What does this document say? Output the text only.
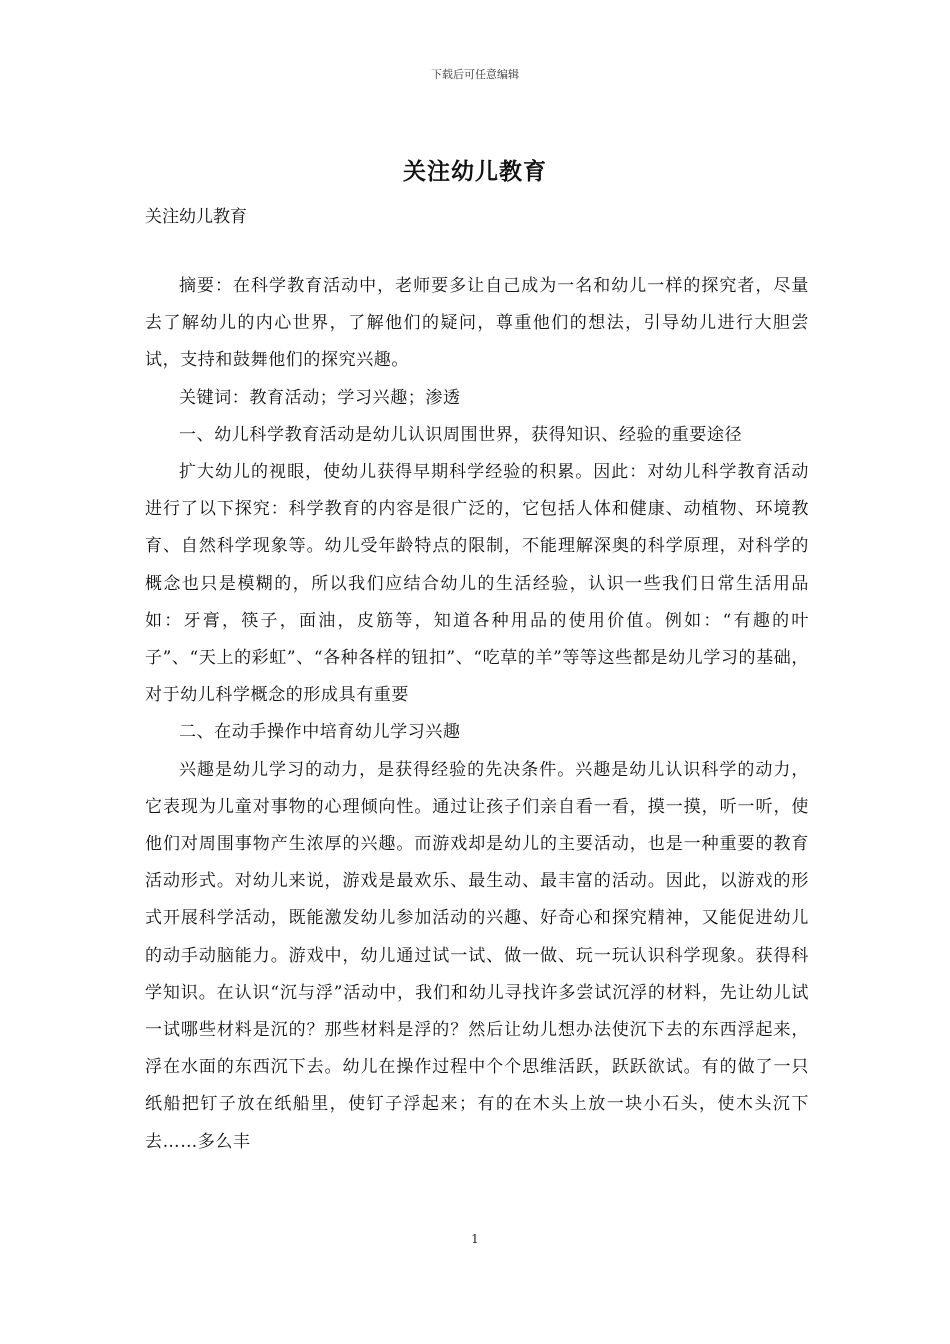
下载后可任意编辑
关注幼儿教育
关注幼儿教育

摘要：在科学教育活动中，老师要多让自己成为一名和幼儿一样的探究者，尽量去了解幼儿的内心世界，了解他们的疑问，尊重他们的想法，引导幼儿进行大胆尝试，支持和鼓舞他们的探究兴趣。

关键词：教育活动；学习兴趣；渗透

一、幼儿科学教育活动是幼儿认识周围世界，获得知识、经验的重要途径

扩大幼儿的视眼，使幼儿获得早期科学经验的积累。因此：对幼儿科学教育活动进行了以下探究：科学教育的内容是很广泛的，它包括人体和健康、动植物、环境教育、自然科学现象等。幼儿受年龄特点的限制，不能理解深奥的科学原理，对科学的概念也只是模糊的，所以我们应结合幼儿的生活经验，认识一些我们日常生活用品如：牙膏，筷子，面油，皮筋等，知道各种用品的使用价值。例如：“有趣的叶子”、“天上的彩虹”、“各种各样的钮扣”、“吃草的羊”等等这些都是幼儿学习的基础，对于幼儿科学概念的形成具有重要

二、在动手操作中培育幼儿学习兴趣

兴趣是幼儿学习的动力，是获得经验的先决条件。兴趣是幼儿认识科学的动力，它表现为儿童对事物的心理倾向性。通过让孩子们亲自看一看，摸一摸，听一听，使他们对周围事物产生浓厚的兴趣。而游戏却是幼儿的主要活动，也是一种重要的教育活动形式。对幼儿来说，游戏是最欢乐、最生动、最丰富的活动。因此，以游戏的形式开展科学活动，既能激发幼儿参加活动的兴趣、好奇心和探究精神，又能促进幼儿的动手动脑能力。游戏中，幼儿通过试一试、做一做、玩一玩认识科学现象。获得科学知识。在认识“沉与浮”活动中，我们和幼儿寻找许多尝试沉浮的材料，先让幼儿试一试哪些材料是沉的？那些材料是浮的？然后让幼儿想办法使沉下去的东西浮起来，浮在水面的东西沉下去。幼儿在操作过程中个个思维活跃，跃跃欲试。有的做了一只纸船把钉子放在纸船里，使钉子浮起来；有的在木头上放一块小石头，使木头沉下去……多么丰

1
